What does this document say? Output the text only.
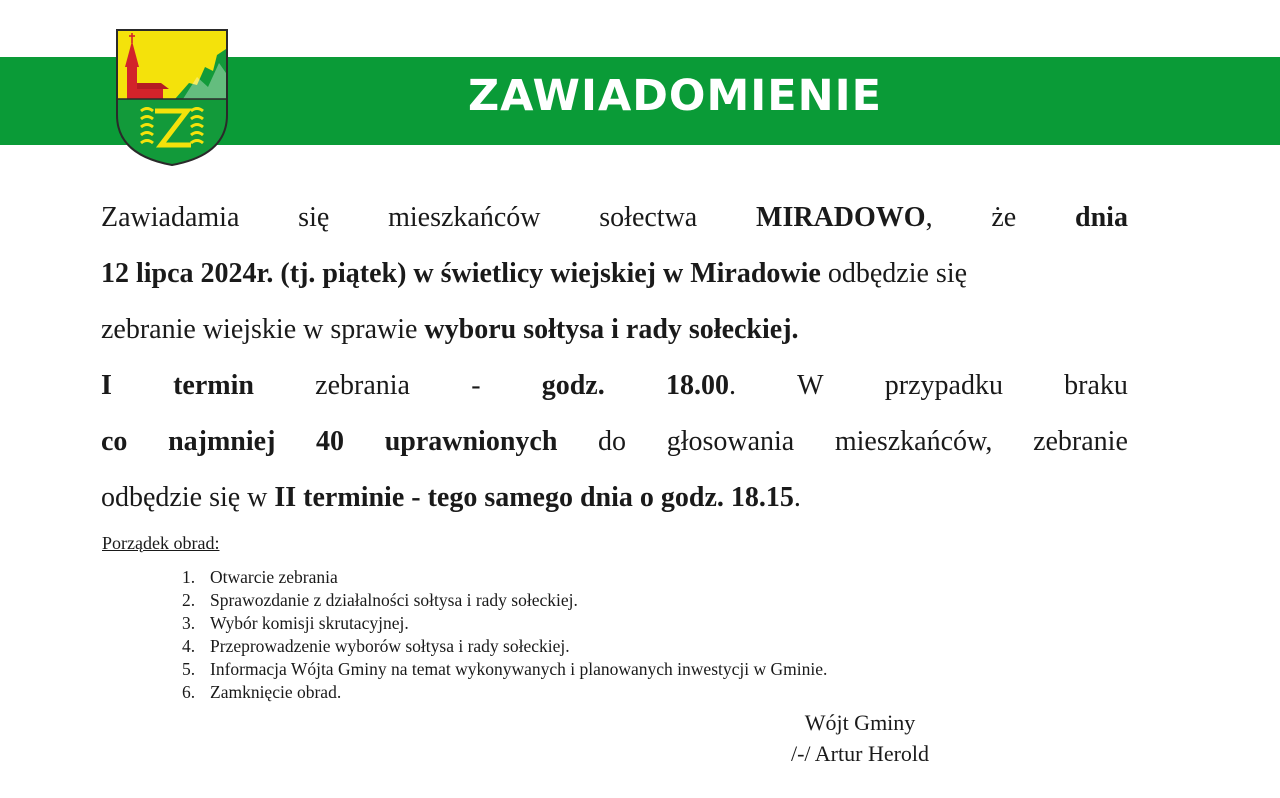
ZAWIADOMIENIE
Zawiadamia się mieszkańców sołectwa MIRADOWO, że dnia
12 lipca 2024r. (tj. piątek) w świetlicy wiejskiej w Miradowie odbędzie się
zebranie wiejskie w sprawie wyboru sołtysa i rady sołeckiej.
I termin zebrania - godz. 18.00. W przypadku braku
co najmniej 40 uprawnionych do głosowania mieszkańców, zebranie
odbędzie się w II terminie - tego samego dnia o godz. 18.15 .
Porządek obrad:
1. Otwarcie zebrania
2. Sprawozdanie z działalności sołtysa i rady sołeckiej.
3. Wybór komisji skrutacyjnej.
4. Przeprowadzenie wyborów sołtysa i rady sołeckiej.
5. Informacja Wójta Gminy na temat wykonywanych i planowanych inwestycji w Gminie.
6. Zamknięcie obrad.
Wójt Gminy
/-/ Artur Herold
